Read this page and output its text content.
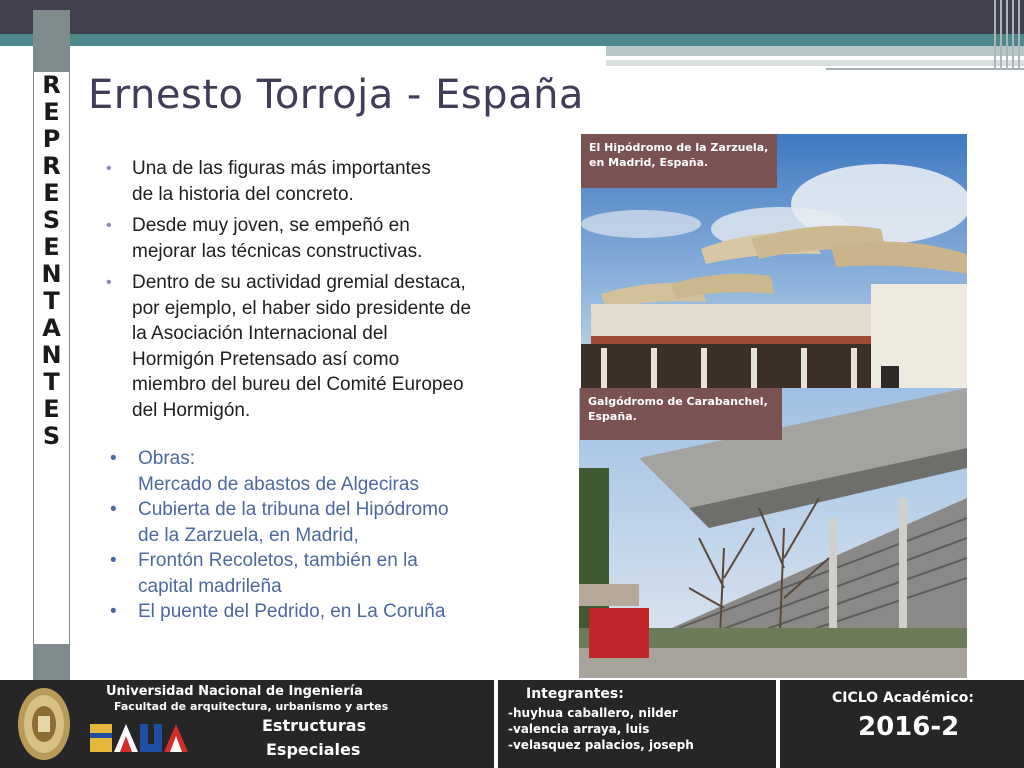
R
E
P
R
E
S
E
N
T
A
N
T
E
S
Ernesto Torroja - España
• Una de las figuras más importantes
de la historia del concreto.
• Desde muy joven, se empeñó en
mejorar las técnicas constructivas.
• Dentro de su actividad gremial destaca,
por ejemplo, el haber sido presidente de
la Asociación Internacional del
Hormigón Pretensado así como
miembro del bureu del Comité Europeo
del Hormigón.
• Obras:
Mercado de abastos de Algeciras
• Cubierta de la tribuna del Hipódromo
de la Zarzuela, en Madrid,
• Frontón Recoletos, también en la
capital madrileña
• El puente del Pedrido, en La Coruña
El Hipódromo de la Zarzuela,
en Madrid, España.
Galgódromo de Carabanchel,
España.
Universidad Nacional de Ingeniería
Facultad de arquitectura, urbanismo y artes
Estructuras
Especiales
Integrantes:
-huyhua caballero, nilder
-valencia arraya, luis
-velasquez palacios, joseph
CICLO Académico:
2016-2
